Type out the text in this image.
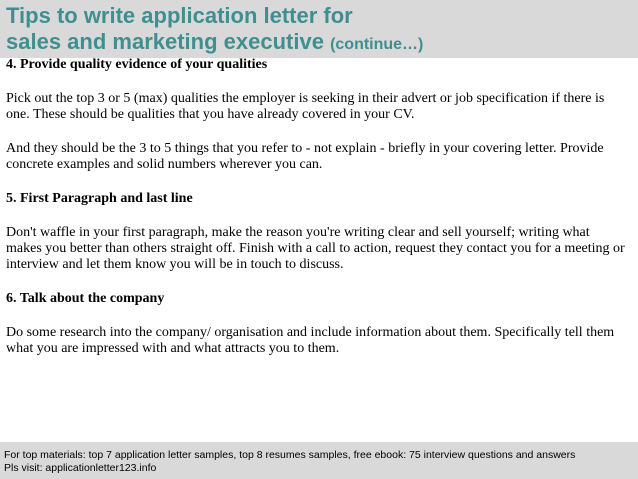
Tips to write application letter for
sales and marketing executive (continue…)

4. Provide quality evidence of your qualities

Pick out the top 3 or 5 (max) qualities the employer is seeking in their advert or job specification if there is one. These should be qualities that you have already covered in your CV.

And they should be the 3 to 5 things that you refer to - not explain - briefly in your covering letter. Provide concrete examples and solid numbers wherever you can.

5. First Paragraph and last line

Don't waffle in your first paragraph, make the reason you're writing clear and sell yourself; writing what makes you better than others straight off. Finish with a call to action, request they contact you for a meeting or interview and let them know you will be in touch to discuss.

6. Talk about the company

Do some research into the company/ organisation and include information about them. Specifically tell them what you are impressed with and what attracts you to them.

For top materials: top 7 application letter samples, top 8 resumes samples, free ebook: 75 interview questions and answers
Pls visit: applicationletter123.info
